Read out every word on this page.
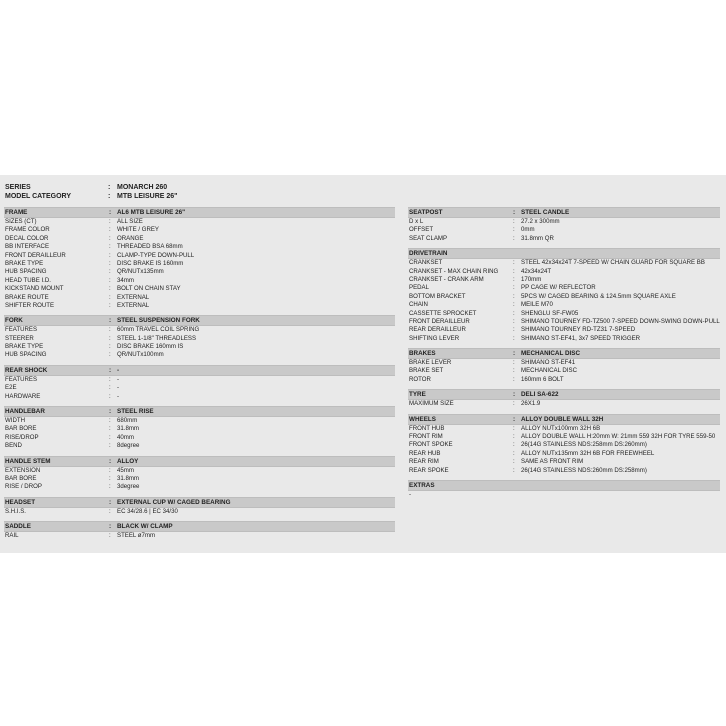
SERIES	: MONARCH 260
MODEL CATEGORY	: MTB LEISURE 26"
FRAME	: AL6 MTB LEISURE 26"
SIZES (CT)	:	ALL SIZE
FRAME COLOR	:	WHITE / GREY
DECAL COLOR	:	ORANGE
BB INTERFACE	:	THREADED BSA 68mm
FRONT DERAILLEUR	:	CLAMP-TYPE DOWN-PULL
BRAKE TYPE	:	DISC BRAKE IS 160mm
HUB SPACING	:	QR/NUTx135mm
HEAD TUBE I.D.	:	34mm
KICKSTAND MOUNT	:	BOLT ON CHAIN STAY
BRAKE ROUTE	:	EXTERNAL
SHIFTER ROUTE	:	EXTERNAL
FORK	: STEEL SUSPENSION FORK
FEATURES	:	60mm TRAVEL COIL SPRING
STEERER	:	STEEL 1-1/8" THREADLESS
BRAKE TYPE	:	DISC BRAKE 160mm IS
HUB SPACING	:	QR/NUTx100mm
REAR SHOCK	: -
FEATURES	:	-
E2E	:	-
HARDWARE	:	-
HANDLEBAR	: STEEL RISE
WIDTH	:	680mm
BAR BORE	:	31.8mm
RISE/DROP	:	40mm
BEND	:	8degree
HANDLE STEM	: ALLOY
EXTENSION	:	45mm
BAR BORE	:	31.8mm
RISE / DROP	:	3degree
HEADSET	: EXTERNAL CUP W/ CAGED BEARING
S.H.I.S.	:	EC 34/28.6 | EC 34/30
SADDLE	: BLACK W/ CLAMP
RAIL	:	STEEL ø7mm
SEATPOST	: STEEL CANDLE
D x L	:	27.2 x 300mm
OFFSET	:	0mm
SEAT CLAMP	:	31.8mm QR
DRIVETRAIN
CRANKSET	:	STEEL 42x34x24T 7-SPEED W/ CHAIN GUARD FOR SQUARE BB
CRANKSET - MAX CHAIN RING	:	42x34x24T
CRANKSET - CRANK ARM	:	170mm
PEDAL	:	PP CAGE W/ REFLECTOR
BOTTOM BRACKET	:	5PCS W/ CAGED BEARING & 124.5mm SQUARE AXLE
CHAIN	:	MEILE M70
CASSETTE SPROCKET	:	SHENGLU SF-FW05
FRONT DERAILLEUR	:	SHIMANO TOURNEY FD-TZ500 7-SPEED DOWN-SWING DOWN-PULL
REAR DERAILLEUR	:	SHIMANO TOURNEY RD-TZ31 7-SPEED
SHIFTING LEVER	:	SHIMANO ST-EF41, 3x7 SPEED TRIGGER
BRAKES	: MECHANICAL DISC
BRAKE LEVER	:	SHIMANO ST-EF41
BRAKE SET	:	MECHANICAL DISC
ROTOR	:	160mm 6 BOLT
TYRE	: DELI SA-622
MAXIMUM SIZE	:	26X1.9
WHEELS	: ALLOY DOUBLE WALL 32H
FRONT HUB	:	ALLOY NUTx100mm 32H 6B
FRONT RIM	:	ALLOY DOUBLE WALL H:20mm W: 21mm 559 32H FOR TYRE 559-50
FRONT SPOKE	:	26(14G STAINLESS NDS:258mm DS:260mm)
REAR HUB	:	ALLOY NUTx135mm 32H 6B FOR FREEWHEEL
REAR RIM	:	SAME AS FRONT RIM
REAR SPOKE	:	26(14G STAINLESS NDS:260mm DS:258mm)
EXTRAS
-
